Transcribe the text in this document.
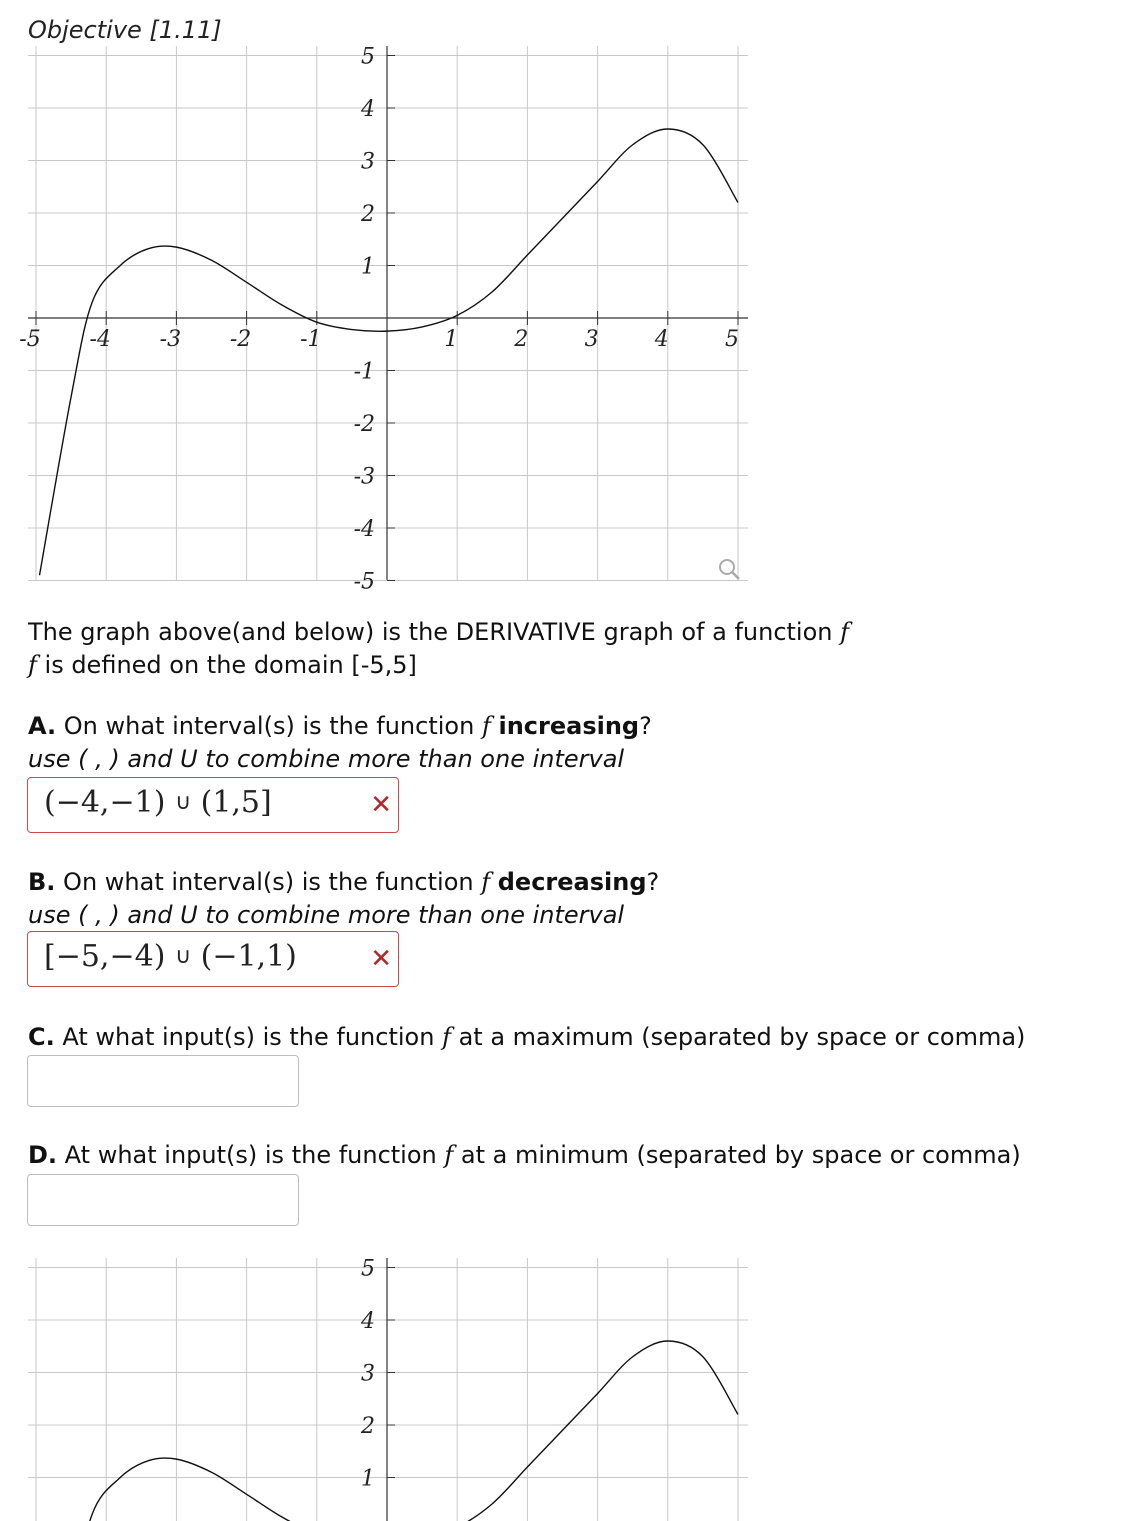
Objective [1.11]
-5 -4 -3 -2 -1	1	2	3	4	5
5
4
3
2
1
-1
-2
-3
-4
-5
The graph above(and below) is the DERIVATIVE graph of a function f
f is defined on the domain [-5,5]
A. On what interval(s) is the function f increasing?
use ( , ) and U to combine more than one interval
(−4,−1) ∪ (1,5]	✕
B. On what interval(s) is the function f decreasing?
use ( , ) and U to combine more than one interval
[−5,−4) ∪ (−1,1)	✕
C. At what input(s) is the function f at a maximum (separated by space or comma)
D. At what input(s) is the function f at a minimum (separated by space or comma)
5
4
3
2
1
